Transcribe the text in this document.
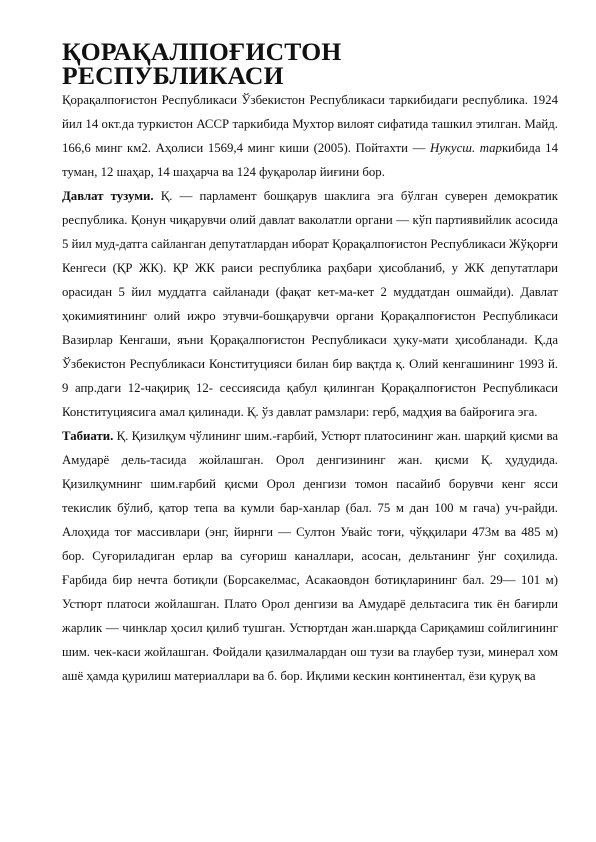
ҚОРАҚАЛПОҒИСТОН РЕСПУБЛИКАСИ

Қорақалпоғистон Республикаси Ўзбекистон Республикаси таркибидаги республика. 1924 йил 14 окт.да туркистон АССР таркибида Мухтор вилоят сифатида ташкил этилган. Майд. 166,6 минг км2. Аҳолиси 1569,4 минг киши (2005). Пойтахти — Нукусш. таркибида 14 туман, 12 шаҳар, 14 шаҳарча ва 124 фуқаролар йиғини бор.

Давлат тузуми. Қ. — парламент бошқарув шаклига эга бўлган суверен демократик республика. Қонун чиқарувчи олий давлат ваколатли органи — кўп партиявийлик асосида 5 йил муд-датга сайланган депутатлардан иборат Қорақалпоғистон Республикаси Жўқорғи Кенгеси (ҚР ЖК). ҚР ЖК раиси республика раҳбари ҳисобланиб, у ЖК депутатлари орасидан 5 йил муддатга сайланади (фақат кет-ма-кет 2 муддатдан ошмайди). Давлат ҳокимиятининг олий ижро этувчи-бошқарувчи органи Қорақалпоғистон Республикаси Вазирлар Кенгаши, яъни Қорақалпоғистон Республикаси ҳуку-мати ҳисобланади. Қ.да Ўзбекистон Республикаси Конституцияси билан бир вақтда қ. Олий кенгашининг 1993 й. 9 апр.даги 12-чақириқ 12- сессиясида қабул қилинган Қорақалпоғистон Республикаси Конституциясига амал қилинади. Қ. ўз давлат рамзлари: герб, мадҳия ва байроғига эга.

Табиати. Қ. Қизилқум чўлининг шим.-ғарбий, Устюрт платосининг жан. шарқий қисми ва Амударё дель-тасида жойлашган. Орол денгизининг жан. қисми Қ. ҳудудида. Қизилқумнинг шим.ғарбий қисми Орол денгизи томон пасайиб борувчи кенг ясси текислик бўлиб, қатор тепа ва кумли бар-ханлар (бал. 75 м дан 100 м гача) уч-райди. Алоҳида тоғ массивлари (энг, йирнги — Султон Увайс тоғи, чўққилари 473м ва 485 м) бор. Суғориладиган ерлар ва суғориш каналлари, асосан, дельтанинг ўнг соҳилида. Ғарбида бир нечта ботиқли (Борсакелмас, Асакаовдон ботиқларининг бал. 29— 101 м) Устюрт платоси жойлашган. Плато Орол денгизи ва Амударё дельтасига тик ён бағирли жарлик — чинклар ҳосил қилиб тушган. Устюртдан жан.шарқда Сариқамиш сойлигининг шим. чек-каси жойлашган. Фойдали қазилмалардан ош тузи ва глаубер тузи, минерал хом ашё ҳамда қурилиш материаллари ва б. бор. Иқлими кескин континентал, ёзи қуруқ ва
